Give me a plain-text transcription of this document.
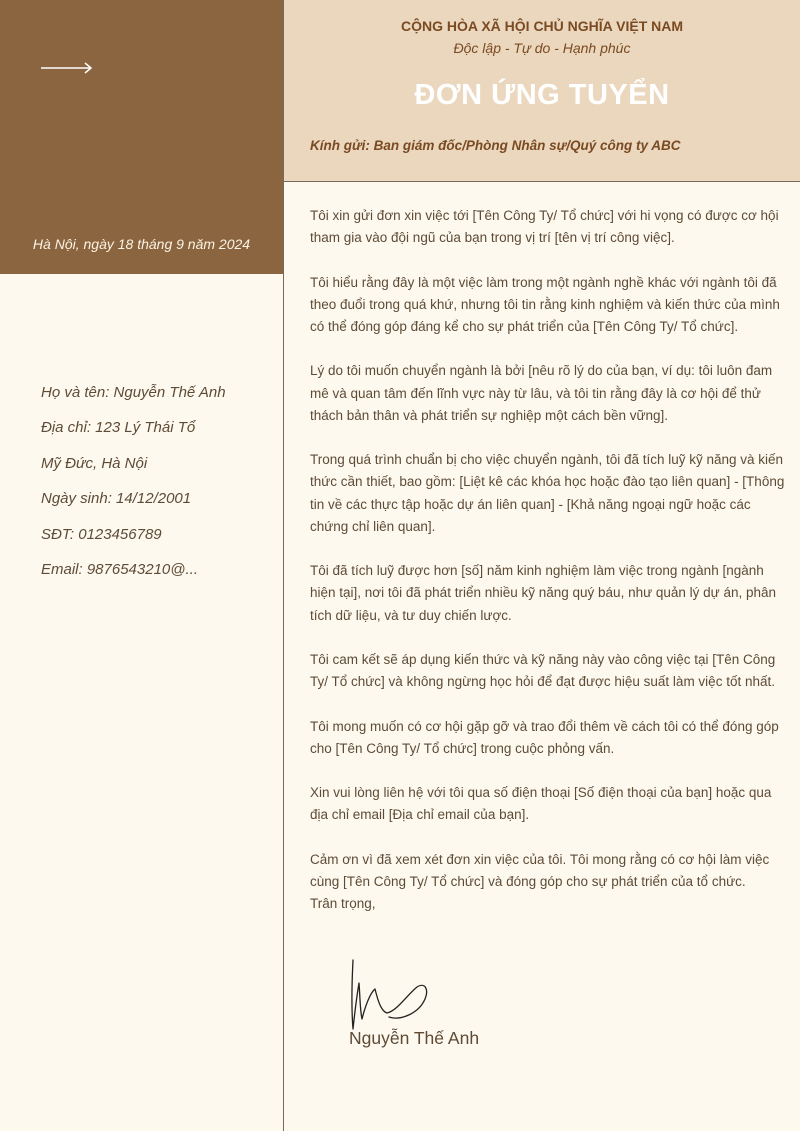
Hà Nội, ngày 18 tháng 9 năm 2024
CỘNG HÒA XÃ HỘI CHỦ NGHĨA VIỆT NAM
Độc lập - Tự do - Hạnh phúc
ĐƠN ỨNG TUYỂN
Kính gửi: Ban giám đốc/Phòng Nhân sự/Quý công ty ABC
Họ và tên: Nguyễn Thế Anh
Địa chỉ: 123 Lý Thái Tổ
Mỹ Đức, Hà Nội
Ngày sinh: 14/12/2001
SĐT: 0123456789
Email: 9876543210@...

Tôi xin gửi đơn xin việc tới [Tên Công Ty/ Tổ chức] với hi vọng có được cơ hội tham gia vào đội ngũ của bạn trong vị trí [tên vị trí công việc].

Tôi hiểu rằng đây là một việc làm trong một ngành nghề khác với ngành tôi đã theo đuổi trong quá khứ, nhưng tôi tin rằng kinh nghiệm và kiến thức của mình có thể đóng góp đáng kể cho sự phát triển của [Tên Công Ty/ Tổ chức].

Lý do tôi muốn chuyển ngành là bởi [nêu rõ lý do của bạn, ví dụ: tôi luôn đam mê và quan tâm đến lĩnh vực này từ lâu, và tôi tin rằng đây là cơ hội để thử thách bản thân và phát triển sự nghiệp một cách bền vững].

Trong quá trình chuẩn bị cho việc chuyển ngành, tôi đã tích luỹ kỹ năng và kiến thức cần thiết, bao gồm: [Liệt kê các khóa học hoặc đào tạo liên quan] - [Thông tin về các thực tập hoặc dự án liên quan] - [Khả năng ngoại ngữ hoặc các chứng chỉ liên quan].

Tôi đã tích luỹ được hơn [số] năm kinh nghiệm làm việc trong ngành [ngành hiện tại], nơi tôi đã phát triển nhiều kỹ năng quý báu, như quản lý dự án, phân tích dữ liệu, và tư duy chiến lược.

Tôi cam kết sẽ áp dụng kiến thức và kỹ năng này vào công việc tại [Tên Công Ty/ Tổ chức] và không ngừng học hỏi để đạt được hiệu suất làm việc tốt nhất.

Tôi mong muốn có cơ hội gặp gỡ và trao đổi thêm về cách tôi có thể đóng góp cho [Tên Công Ty/ Tổ chức] trong cuộc phỏng vấn.

Xin vui lòng liên hệ với tôi qua số điện thoại [Số điện thoại của bạn] hoặc qua địa chỉ email [Địa chỉ email của bạn].

Cảm ơn vì đã xem xét đơn xin việc của tôi. Tôi mong rằng có cơ hội làm việc cùng [Tên Công Ty/ Tổ chức] và đóng góp cho sự phát triển của tổ chức.

Trân trọng,

Nguyễn Thế Anh
